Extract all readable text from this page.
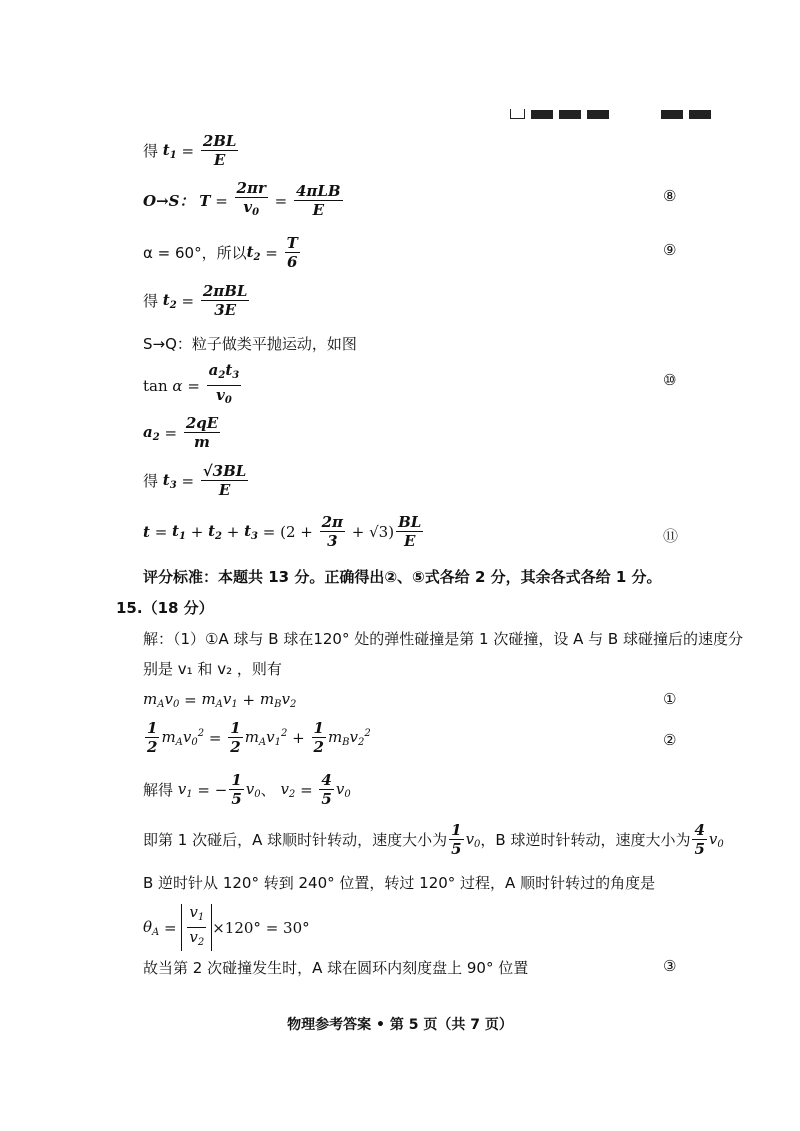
得
$t_1 = \frac{2BL}{E}$
O→S：
$T = \frac{2\pi r}{v_0} = \frac{\text{4πLB}}{E}$	⑧
α = 60°，所以 $t_2 = \frac{T}{6}$	⑨
得
$t_2 = \frac{\text{2πBL}}{3E}$
S→Q：粒子做类平抛运动，如图
$\tan \alpha = \frac{a_2t_3}{v_0}$	⑩
$a_2 = \frac{2qE}{m}$
得
$t_3 = \frac{√3BL}{E}$
$t = t_1 + t_2 + t_3 = (2 + \frac{2\pi}{3} + √3) \frac{BL}{E}$	⑪
评分标准：本题共 13 分。正确得出②、⑤式各给 2 分，其余各式各给 1 分。
15.（18 分）
解：（1）①A 球与 B 球在120° 处的弹性碰撞是第 1 次碰撞，设 A 与 B 球碰撞后的速度分
别是 v₁ 和 v₂ ，则有
$m_Av_0 = m_Av_1 + m_Bv_2$	①
$\frac{1}{2} m_Av_0^2 = \frac{1}{2} m_Av_1^2 + \frac{1}{2} m_Bv_2^2$	②
解得
$v_1$ = − $\frac{1}{5} v_0$ 、
$v_2 = \frac{4}{5} v_0$
即第 1 次碰后，A 球顺时针转动，速度大小为 $\frac{1}{5} v_0$ ，B 球逆时针转动，速度大小为 $\frac{4}{5} v_0$
B 逆时针从 120° 转到 240° 位置，转过 120° 过程，A 顺时针转过的角度是
$\theta_A = \frac{v_1}{v_2} \times 120^\circ = 30^\circ$
故当第 2 次碰撞发生时，A 球在圆环内刻度盘上 90° 位置	③
物理参考答案 • 第 5 页（共 7 页）
